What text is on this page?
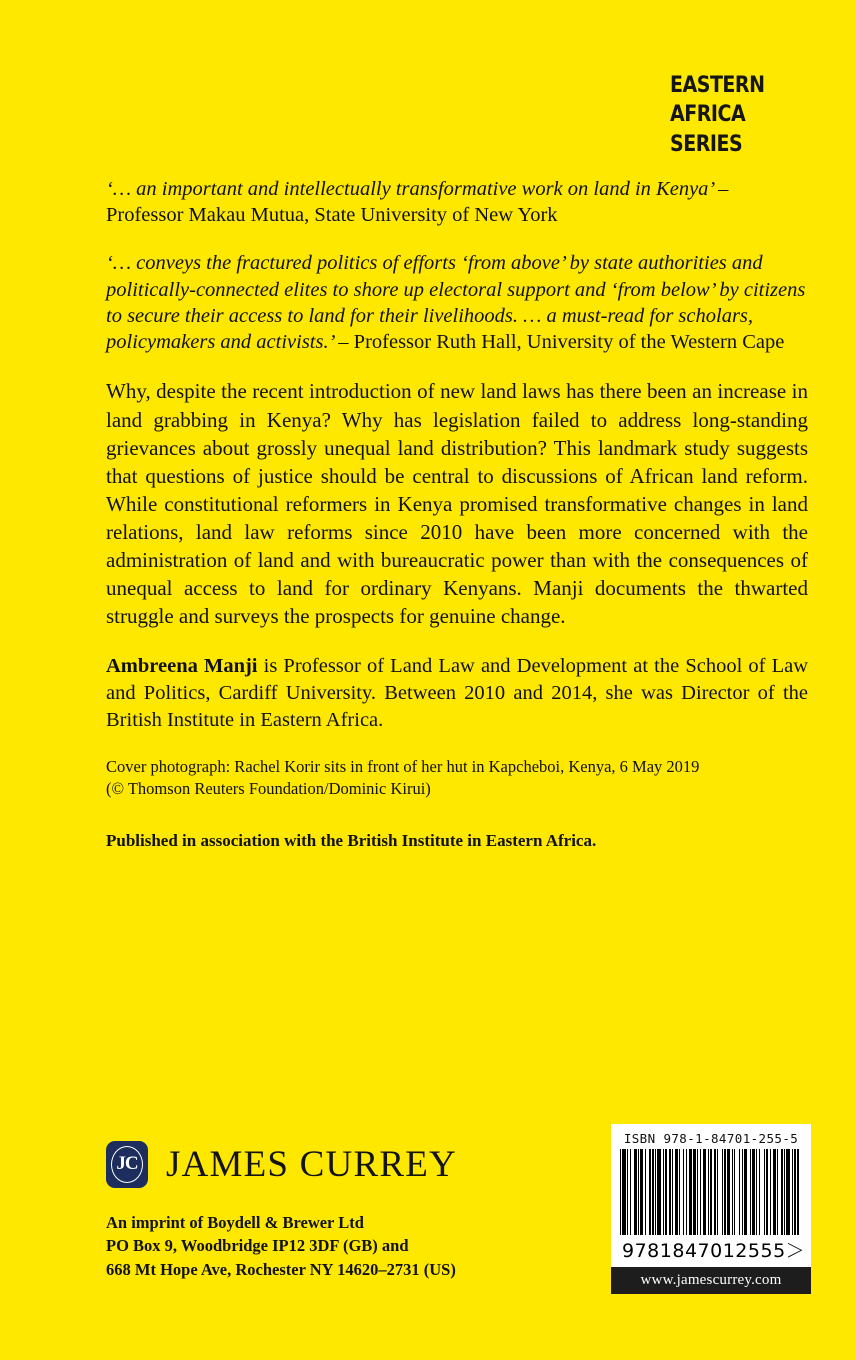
eastern
africa
series

‘… an important and intellectually transformative work on land in Kenya’ – Professor Makau Mutua, State University of New York

‘… conveys the fractured politics of efforts ‘from above’ by state authorities and politically-connected elites to shore up electoral support and ‘from below’ by citizens to secure their access to land for their livelihoods. … a must-read for scholars, policymakers and activists.’ – Professor Ruth Hall, University of the Western Cape

Why, despite the recent introduction of new land laws has there been an increase in land grabbing in Kenya? Why has legislation failed to address long-standing grievances about grossly unequal land distribution? This landmark study suggests that questions of justice should be central to discussions of African land reform. While constitutional reformers in Kenya promised transformative changes in land relations, land law reforms since 2010 have been more concerned with the administration of land and with bureaucratic power than with the consequences of unequal access to land for ordinary Kenyans. Manji documents the thwarted struggle and surveys the prospects for genuine change.

Ambreena Manji is Professor of Land Law and Development at the School of Law and Politics, Cardiff University. Between 2010 and 2014, she was Director of the British Institute in Eastern Africa.

Cover photograph: Rachel Korir sits in front of her hut in Kapcheboi, Kenya, 6 May 2019
(© Thomson Reuters Foundation/Dominic Kirui)

Published in association with the British Institute in Eastern Africa.

JC JAMES CURREY
An imprint of Boydell & Brewer Ltd
PO Box 9, Woodbridge IP12 3DF (GB) and
668 Mt Hope Ave, Rochester NY 14620–2731 (US)
ISBN 978-1-84701-255-5
9 781847 012555 ＞
www.jamescurrey.com
